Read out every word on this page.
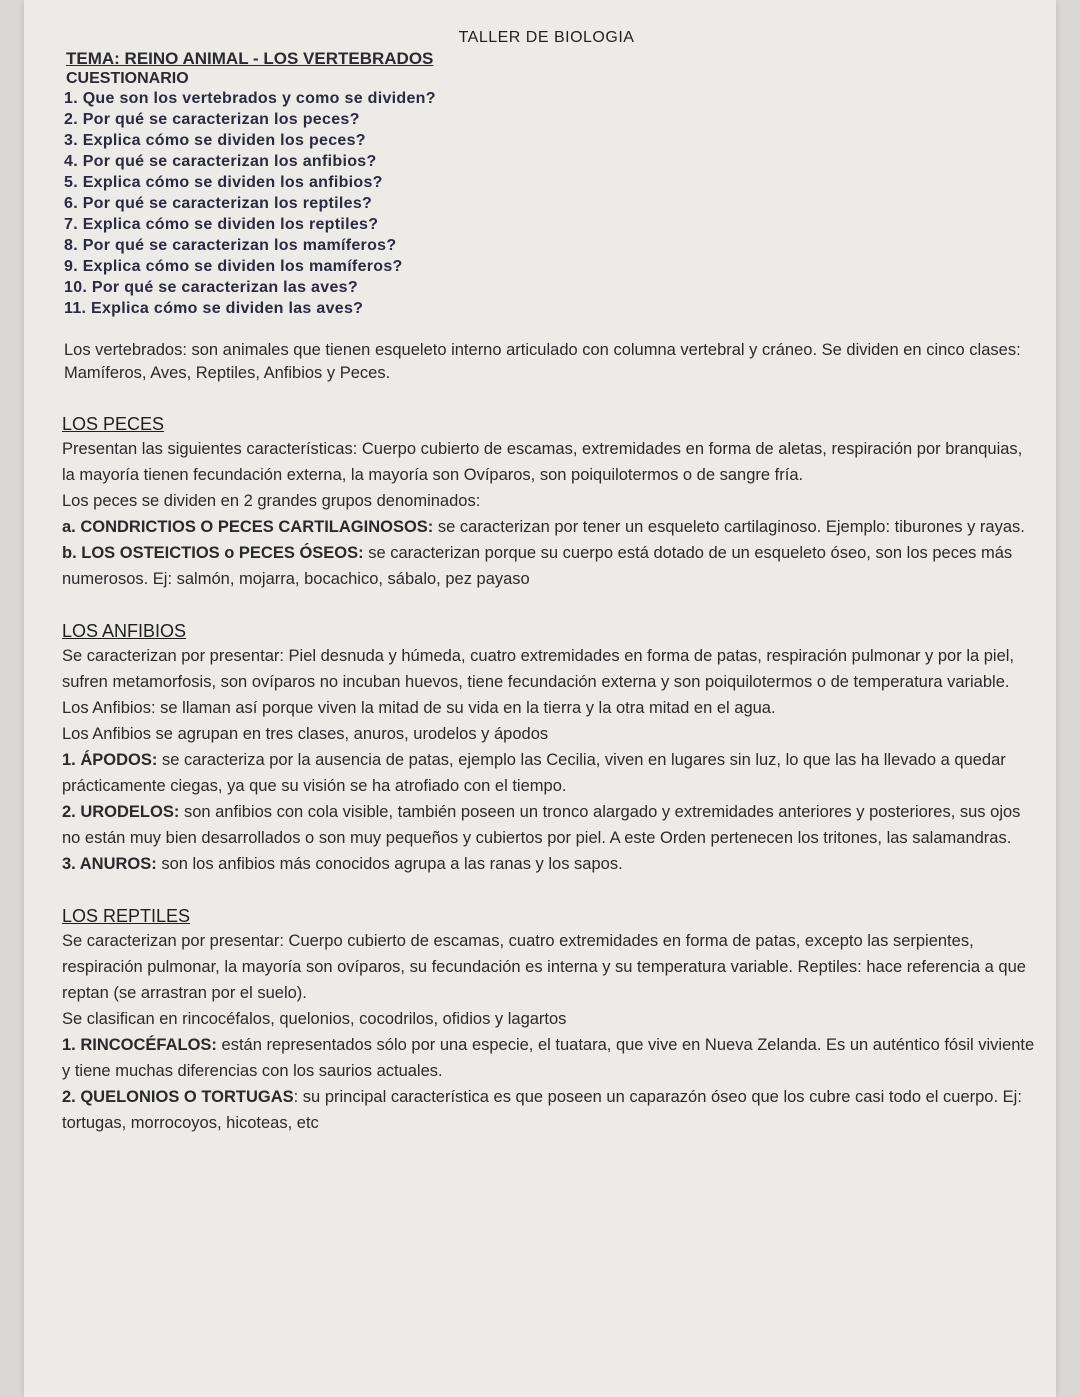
TALLER DE BIOLOGIA
TEMA: REINO ANIMAL - LOS VERTEBRADOS
CUESTIONARIO
1. Que son los vertebrados y como se dividen?
2. Por qué se caracterizan los peces?
3. Explica cómo se dividen los peces?
4. Por qué se caracterizan los anfibios?
5. Explica cómo se dividen los anfibios?
6. Por qué se caracterizan los reptiles?
7. Explica cómo se dividen los reptiles?
8. Por qué se caracterizan los mamíferos?
9. Explica cómo se dividen los mamíferos?
10. Por qué se caracterizan las aves?
11. Explica cómo se dividen las aves?

Los vertebrados: son animales que tienen esqueleto interno articulado con columna vertebral y cráneo. Se dividen en cinco clases: Mamíferos, Aves, Reptiles, Anfibios y Peces.

LOS PECES

Presentan las siguientes características: Cuerpo cubierto de escamas, extremidades en forma de aletas, respiración por branquias, la mayoría tienen fecundación externa, la mayoría son Ovíparos, son poiquilotermos o de sangre fría.

Los peces se dividen en 2 grandes grupos denominados:

a. CONDRICTIOS O PECES CARTILAGINOSOS: se caracterizan por tener un esqueleto cartilaginoso. Ejemplo: tiburones y rayas.

b. LOS OSTEICTIOS o PECES ÓSEOS: se caracterizan porque su cuerpo está dotado de un esqueleto óseo, son los peces más numerosos. Ej: salmón, mojarra, bocachico, sábalo, pez payaso

LOS ANFIBIOS

Se caracterizan por presentar: Piel desnuda y húmeda, cuatro extremidades en forma de patas, respiración pulmonar y por la piel, sufren metamorfosis, son ovíparos no incuban huevos, tiene fecundación externa y son poiquilotermos o de temperatura variable. Los Anfibios: se llaman así porque viven la mitad de su vida en la tierra y la otra mitad en el agua.

Los Anfibios se agrupan en tres clases, anuros, urodelos y ápodos

1. ÁPODOS: se caracteriza por la ausencia de patas, ejemplo las Cecilia, viven en lugares sin luz, lo que las ha llevado a quedar prácticamente ciegas, ya que su visión se ha atrofiado con el tiempo.

2. URODELOS: son anfibios con cola visible, también poseen un tronco alargado y extremidades anteriores y posteriores, sus ojos no están muy bien desarrollados o son muy pequeños y cubiertos por piel. A este Orden pertenecen los tritones, las salamandras.

3. ANUROS: son los anfibios más conocidos agrupa a las ranas y los sapos.

LOS REPTILES

Se caracterizan por presentar: Cuerpo cubierto de escamas, cuatro extremidades en forma de patas, excepto las serpientes, respiración pulmonar, la mayoría son ovíparos, su fecundación es interna y su temperatura variable. Reptiles: hace referencia a que reptan (se arrastran por el suelo).

Se clasifican en rincocéfalos, quelonios, cocodrilos, ofidios y lagartos

1. RINCOCÉFALOS: están representados sólo por una especie, el tuatara, que vive en Nueva Zelanda. Es un auténtico fósil viviente y tiene muchas diferencias con los saurios actuales.

2. QUELONIOS O TORTUGAS: su principal característica es que poseen un caparazón óseo que los cubre casi todo el cuerpo. Ej: tortugas, morrocoyos, hicoteas, etc
